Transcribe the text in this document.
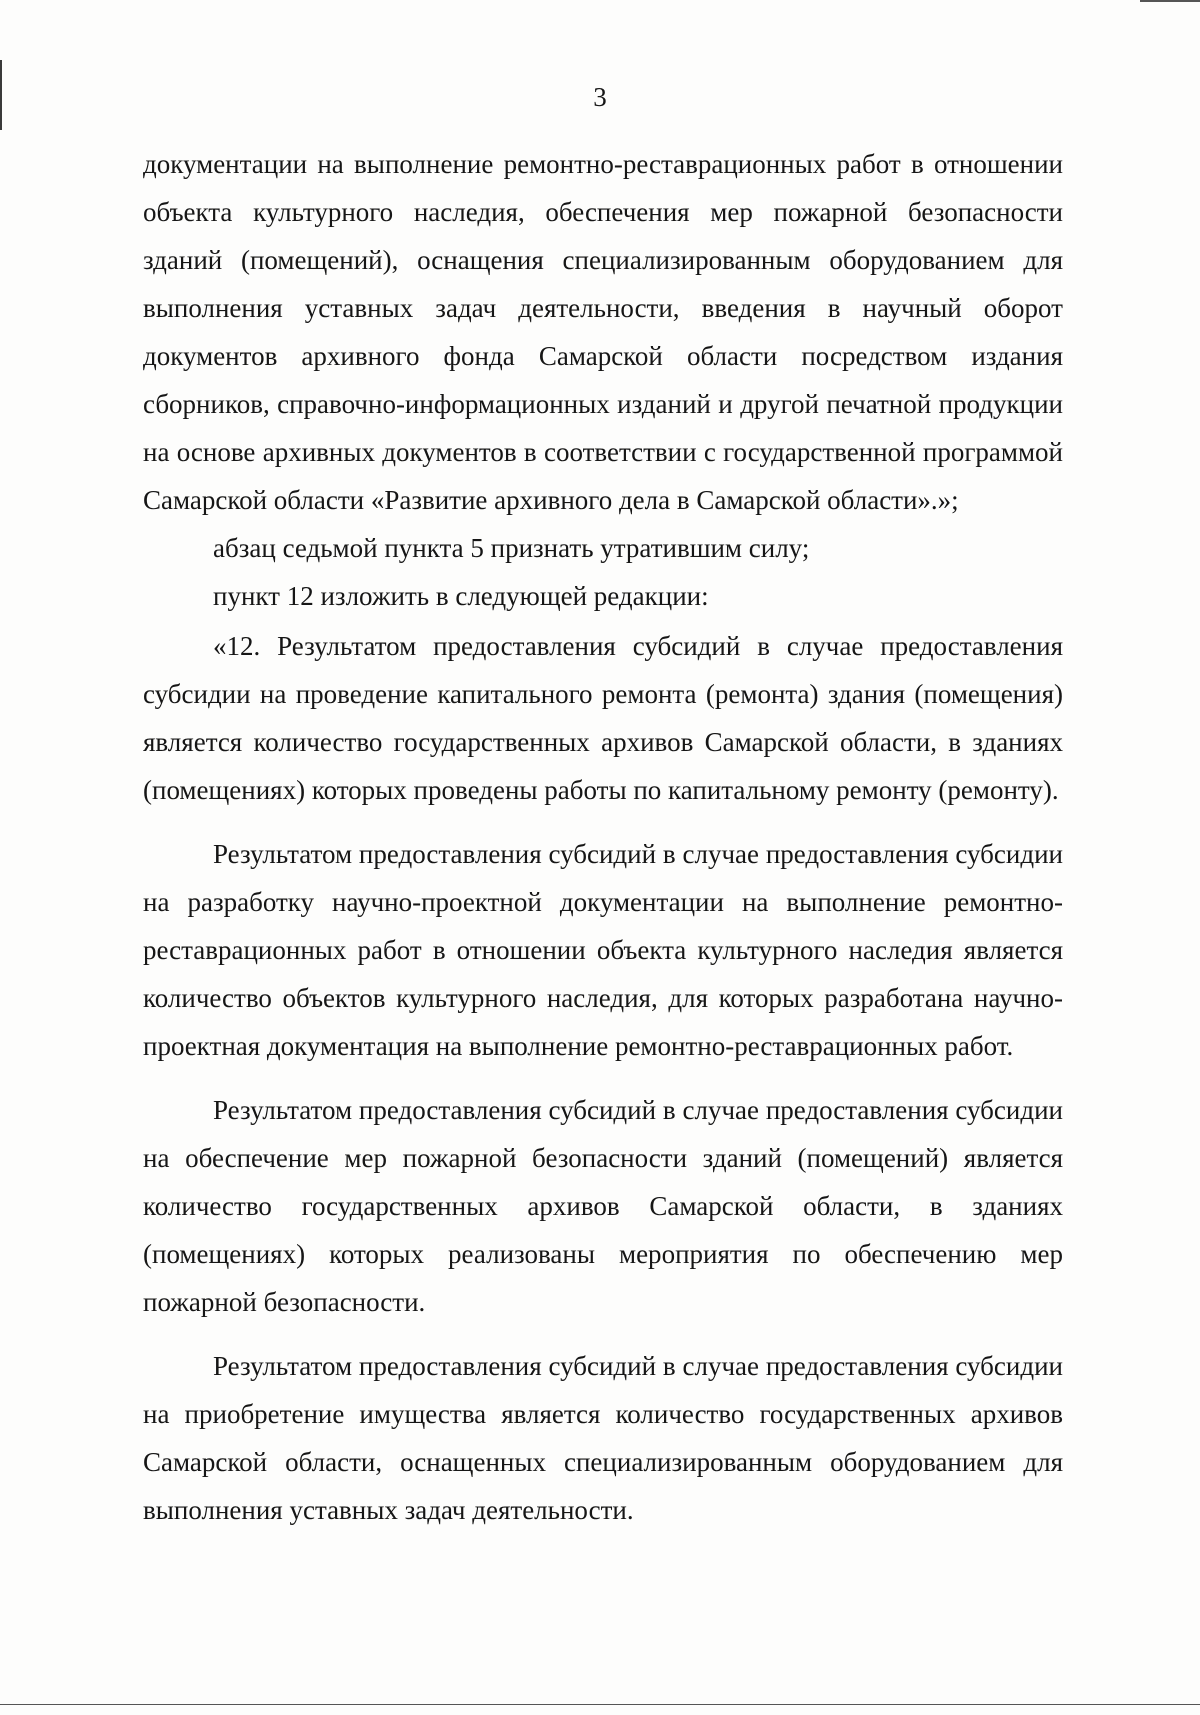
3

документации на выполнение ремонтно-реставрационных работ в отношении объекта культурного наследия, обеспечения мер пожарной безопасности зданий (помещений), оснащения специализированным оборудованием для выполнения уставных задач деятельности, введения в научный оборот документов архивного фонда Самарской области посредством издания сборников, справочно-информационных изданий и другой печатной продукции на основе архивных документов в соответствии с государственной программой Самарской области «Развитие архивного дела в Самарской области».»;

абзац седьмой пункта 5 признать утратившим силу;

пункт 12 изложить в следующей редакции:

«12. Результатом предоставления субсидий в случае предоставления субсидии на проведение капитального ремонта (ремонта) здания (помещения) является количество государственных архивов Самарской области, в зданиях (помещениях) которых проведены работы по капитальному ремонту (ремонту).

Результатом предоставления субсидий в случае предоставления субсидии на разработку научно-проектной документации на выполнение ремонтно-реставрационных работ в отношении объекта культурного наследия является количество объектов культурного наследия, для которых разработана научно-проектная документация на выполнение ремонтно-реставрационных работ.

Результатом предоставления субсидий в случае предоставления субсидии на обеспечение мер пожарной безопасности зданий (помещений) является количество государственных архивов Самарской области, в зданиях (помещениях) которых реализованы мероприятия по обеспечению мер пожарной безопасности.

Результатом предоставления субсидий в случае предоставления субсидии на приобретение имущества является количество государственных архивов Самарской области, оснащенных специализированным оборудованием для выполнения уставных задач деятельности.
